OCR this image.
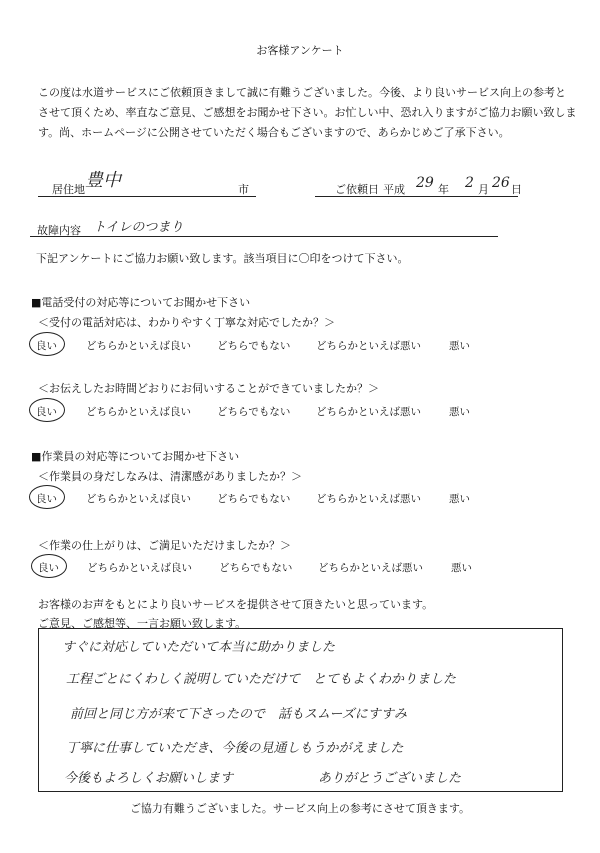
お客様アンケート
この度は水道サービスにご依頼頂きまして誠に有難うございました。今後、より良いサービス向上の参考と
させて頂くため、率直なご意見、ご感想をお聞かせ下さい。お忙しい中、恐れ入りますがご協力お願い致しま
す。尚、ホームページに公開させていただく場合もございますので、あらかじめご了承下さい。
居住地 豊中	市	ご依頼日 平成 29 年 2 月 26 日
故障内容 トイレのつまり
下記アンケートにご協力お願い致します。該当項目に〇印をつけて下さい。
■電話受付の対応等についてお聞かせ下さい
＜受付の電話対応は、わかりやすく丁寧な対応でしたか？＞
良い	どちらかといえば良い どちらでもない どちらかといえば悪い	悪い
＜お伝えしたお時間どおりにお伺いすることができていましたか？＞
良い	どちらかといえば良い どちらでもない どちらかといえば悪い	悪い
■作業員の対応等についてお聞かせ下さい
＜作業員の身だしなみは、清潔感がありましたか？＞
良い	どちらかといえば良い どちらでもない どちらかといえば悪い	悪い
＜作業の仕上がりは、ご満足いただけましたか？＞
良い	どちらかといえば良い	どちらでもない どちらかといえば悪い	悪い
お客様のお声をもとにより良いサービスを提供させて頂きたいと思っています。
ご意見、ご感想等、一言お願い致します。
すぐに対応していただいて本当に助かりました
工程ごとにくわしく説明していただけて　とてもよくわかりました
前回と同じ方が来て下さったので　話もスムーズにすすみ
丁寧に仕事していただき、今後の見通しもうかがえました
今後もよろしくお願いします	ありがとうございました
ご協力有難うございました。サービス向上の参考にさせて頂きます。
